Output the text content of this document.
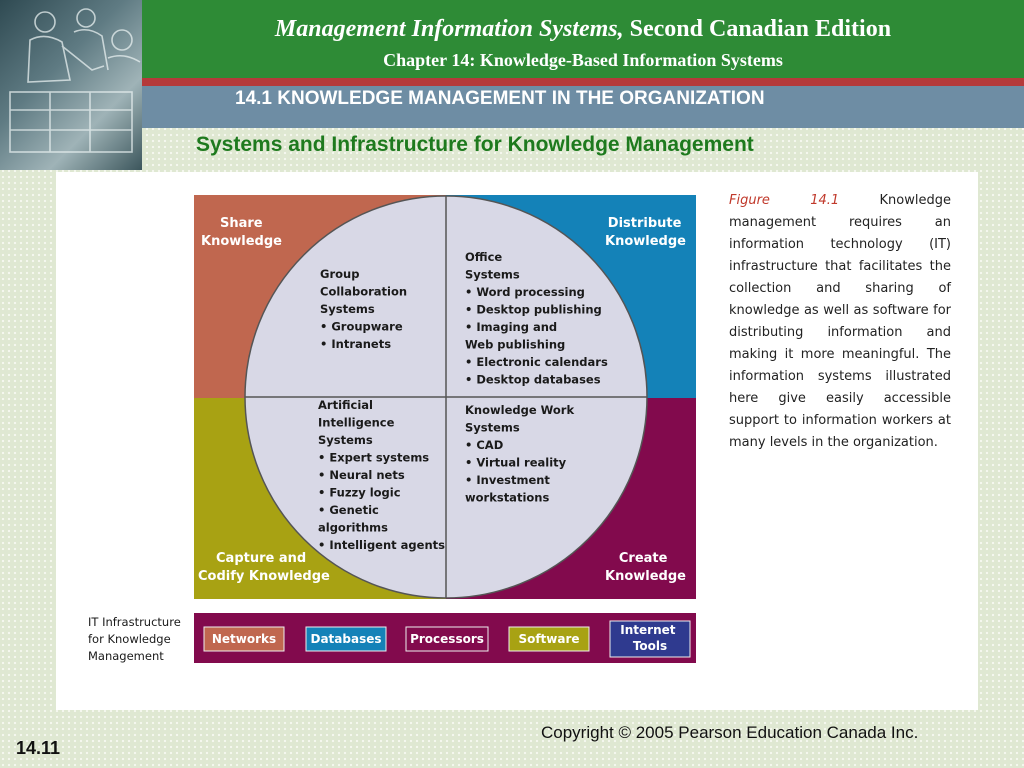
Management Information Systems, Second Canadian Edition
Chapter 14: Knowledge-Based Information Systems
14.1 KNOWLEDGE MANAGEMENT IN THE ORGANIZATION
Systems and Infrastructure for Knowledge Management
Share Knowledge
Distribute Knowledge
Capture and Codify Knowledge
Create Knowledge
Group Collaboration Systems • Groupware • Intranets
Office Systems • Word processing • Desktop publishing • Imaging and Web publishing • Electronic calendars • Desktop databases
Artificial Intelligence Systems • Expert systems • Neural nets • Fuzzy logic • Genetic algorithms • Intelligent agents
Knowledge Work Systems • CAD • Virtual reality • Investment workstations
IT Infrastructure for Knowledge Management
Networks	Databases Processors	Software
Internet Tools
Figure 14.1	Knowledge management requires an information technology (IT) infrastructure that facilitates the collection and sharing of knowledge as well as software for distributing information and making it more meaningful. The information systems illustrated here give easily accessible support to information workers at many levels in the organization.
Copyright © 2005 Pearson Education Canada Inc.
14.11
